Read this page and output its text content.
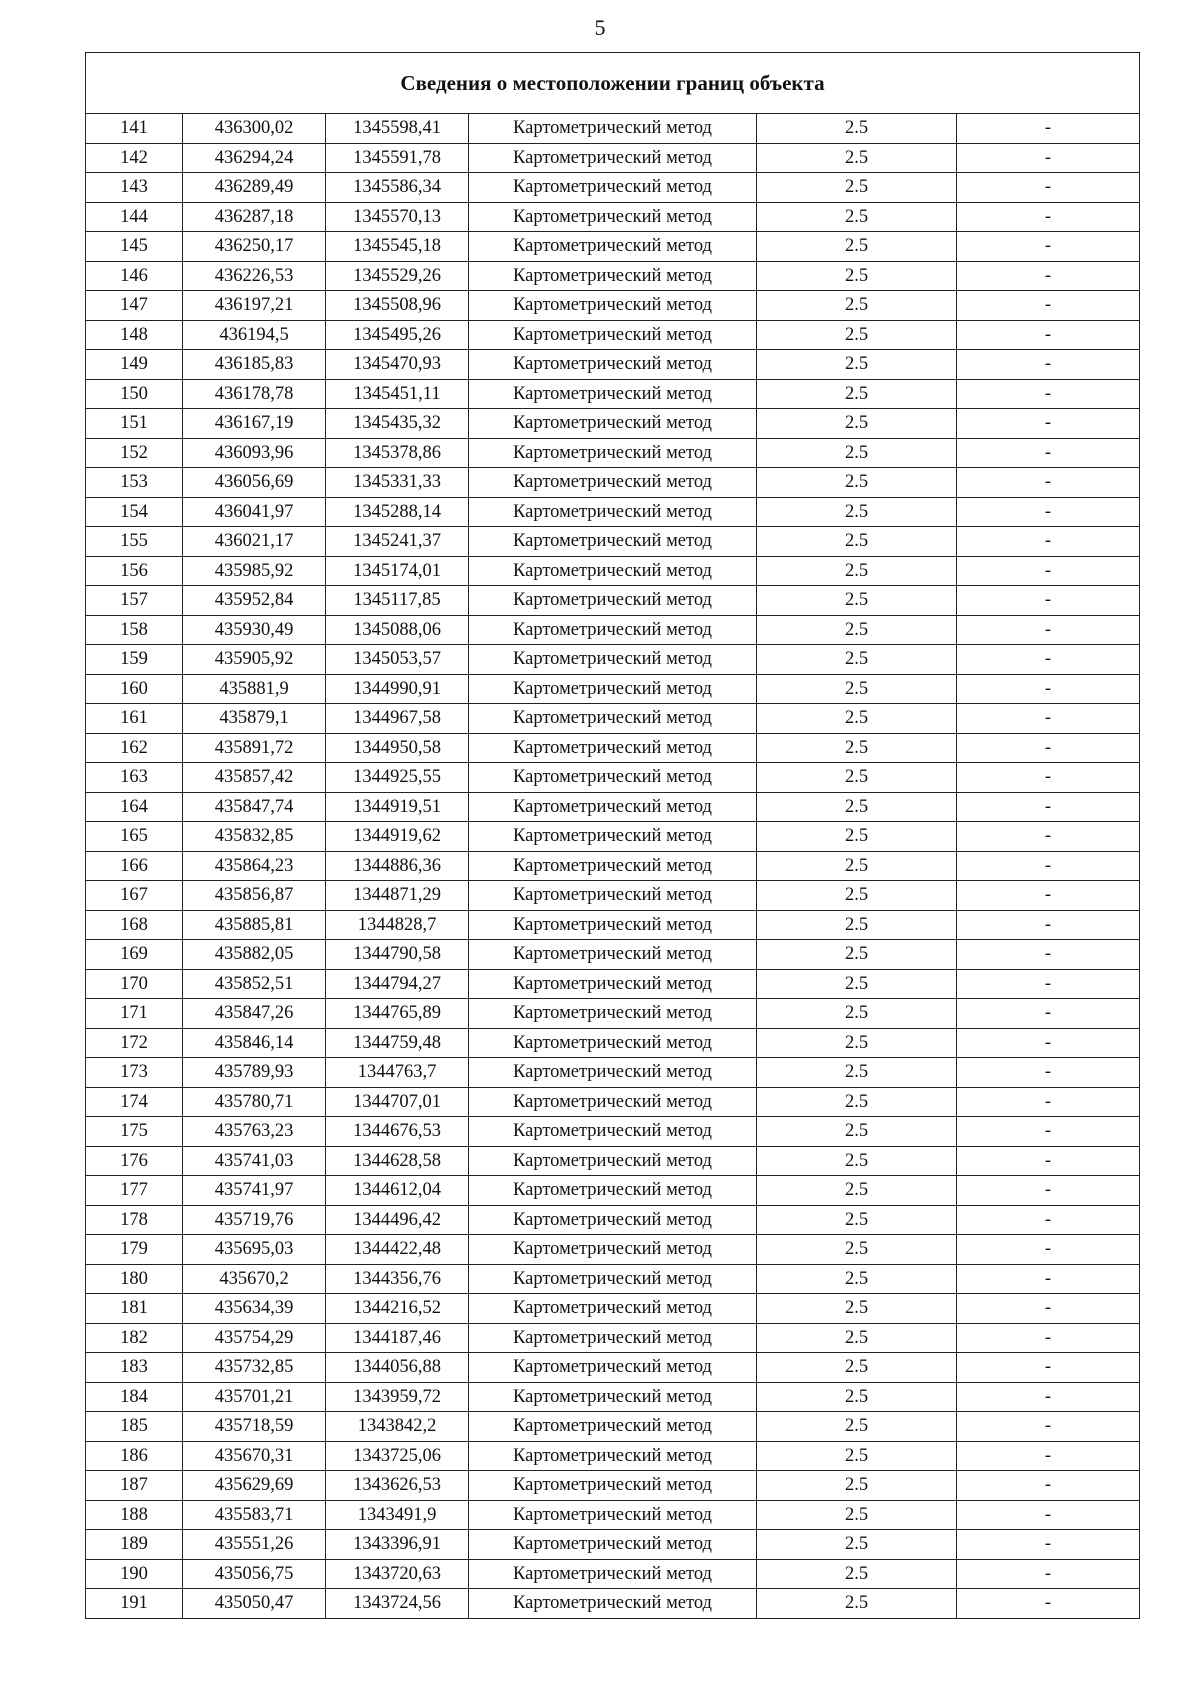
5
Сведения о местоположении границ объекта					
141	436300,02	1345598,41	Картометрический метод	2.5	-
142	436294,24	1345591,78	Картометрический метод	2.5	-
143	436289,49	1345586,34	Картометрический метод	2.5	-
144	436287,18	1345570,13	Картометрический метод	2.5	-
145	436250,17	1345545,18	Картометрический метод	2.5	-
146	436226,53	1345529,26	Картометрический метод	2.5	-
147	436197,21	1345508,96	Картометрический метод	2.5	-
148	436194,5	1345495,26	Картометрический метод	2.5	-
149	436185,83	1345470,93	Картометрический метод	2.5	-
150	436178,78	1345451,11	Картометрический метод	2.5	-
151	436167,19	1345435,32	Картометрический метод	2.5	-
152	436093,96	1345378,86	Картометрический метод	2.5	-
153	436056,69	1345331,33	Картометрический метод	2.5	-
154	436041,97	1345288,14	Картометрический метод	2.5	-
155	436021,17	1345241,37	Картометрический метод	2.5	-
156	435985,92	1345174,01	Картометрический метод	2.5	-
157	435952,84	1345117,85	Картометрический метод	2.5	-
158	435930,49	1345088,06	Картометрический метод	2.5	-
159	435905,92	1345053,57	Картометрический метод	2.5	-
160	435881,9	1344990,91	Картометрический метод	2.5	-
161	435879,1	1344967,58	Картометрический метод	2.5	-
162	435891,72	1344950,58	Картометрический метод	2.5	-
163	435857,42	1344925,55	Картометрический метод	2.5	-
164	435847,74	1344919,51	Картометрический метод	2.5	-
165	435832,85	1344919,62	Картометрический метод	2.5	-
166	435864,23	1344886,36	Картометрический метод	2.5	-
167	435856,87	1344871,29	Картометрический метод	2.5	-
168	435885,81	1344828,7	Картометрический метод	2.5	-
169	435882,05	1344790,58	Картометрический метод	2.5	-
170	435852,51	1344794,27	Картометрический метод	2.5	-
171	435847,26	1344765,89	Картометрический метод	2.5	-
172	435846,14	1344759,48	Картометрический метод	2.5	-
173	435789,93	1344763,7	Картометрический метод	2.5	-
174	435780,71	1344707,01	Картометрический метод	2.5	-
175	435763,23	1344676,53	Картометрический метод	2.5	-
176	435741,03	1344628,58	Картометрический метод	2.5	-
177	435741,97	1344612,04	Картометрический метод	2.5	-
178	435719,76	1344496,42	Картометрический метод	2.5	-
179	435695,03	1344422,48	Картометрический метод	2.5	-
180	435670,2	1344356,76	Картометрический метод	2.5	-
181	435634,39	1344216,52	Картометрический метод	2.5	-
182	435754,29	1344187,46	Картометрический метод	2.5	-
183	435732,85	1344056,88	Картометрический метод	2.5	-
184	435701,21	1343959,72	Картометрический метод	2.5	-
185	435718,59	1343842,2	Картометрический метод	2.5	-
186	435670,31	1343725,06	Картометрический метод	2.5	-
187	435629,69	1343626,53	Картометрический метод	2.5	-
188	435583,71	1343491,9	Картометрический метод	2.5	-
189	435551,26	1343396,91	Картометрический метод	2.5	-
190	435056,75	1343720,63	Картометрический метод	2.5	-
191	435050,47	1343724,56	Картометрический метод	2.5	-
